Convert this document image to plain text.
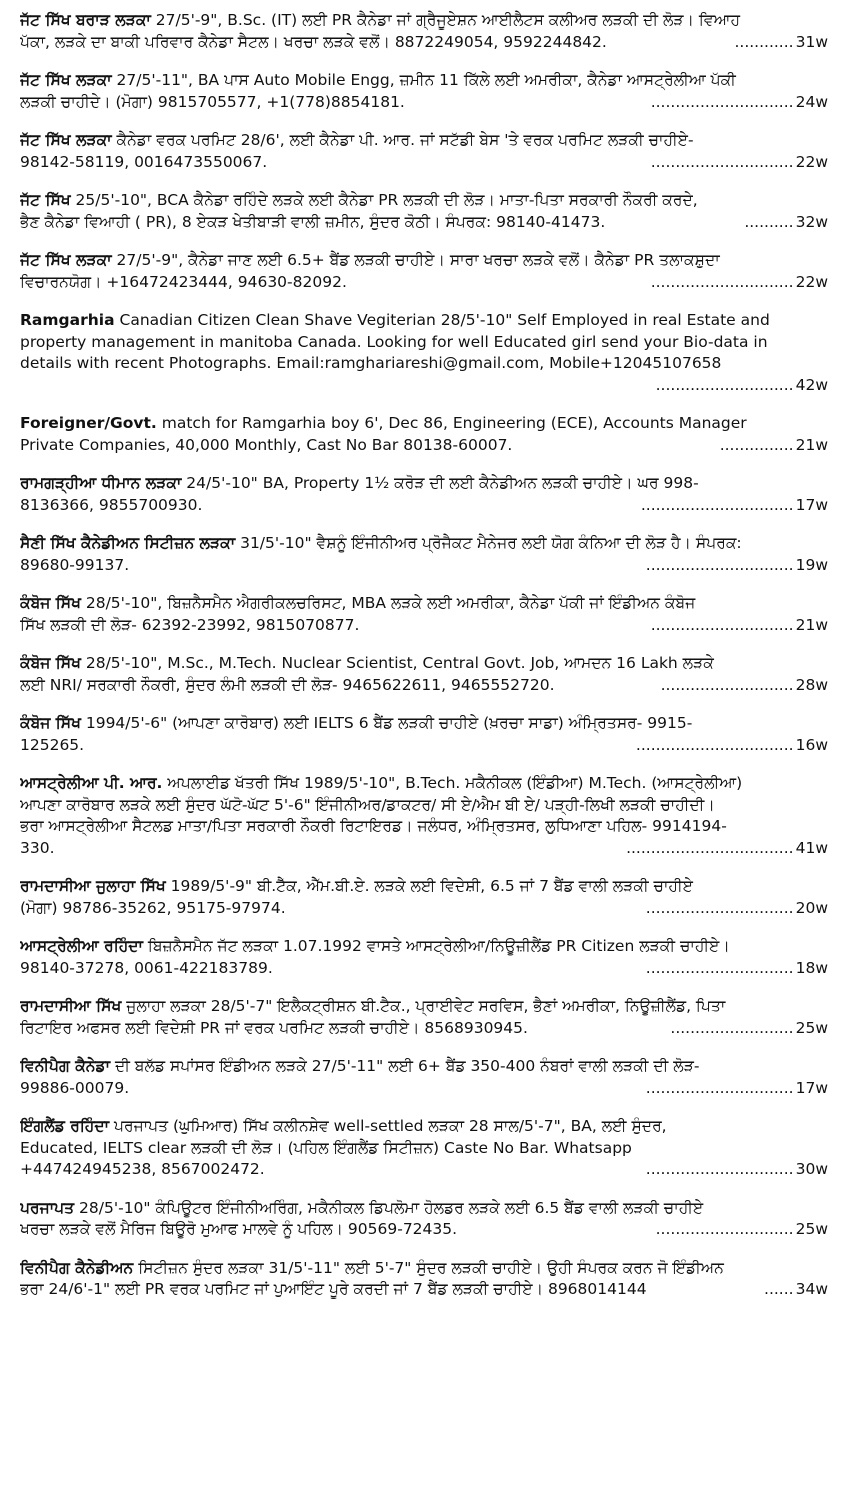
ਜੱਟ ਸਿੱਖ ਬਰਾੜ ਲੜਕਾ 27/5'-9", B.Sc. (IT) ਲਈ PR ਕੈਨੇਡਾ ਜਾਂ ਗ੍ਰੈਜੂਏਸ਼ਨ ਆਈਲੈਟਸ ਕਲੀਅਰ ਲੜਕੀ ਦੀ ਲੋੜ। ਵਿਆਹ
ਪੱਕਾ, ਲੜਕੇ ਦਾ ਬਾਕੀ ਪਰਿਵਾਰ ਕੈਨੇਡਾ ਸੈਟਲ। ਖਰਚਾ ਲੜਕੇ ਵਲੋਂ। 8872249054, 9592244842.	............ 31w
ਜੱਟ ਸਿੱਖ ਲੜਕਾ 27/5'-11", BA ਪਾਸ Auto Mobile Engg, ਜ਼ਮੀਨ 11 ਕਿੱਲੇ ਲਈ ਅਮਰੀਕਾ, ਕੈਨੇਡਾ ਆਸਟ੍ਰੇਲੀਆ ਪੱਕੀ
ਲੜਕੀ ਚਾਹੀਦੇ। (ਮੋਗਾ) 9815705577, +1(778)8854181.	............................. 24w
ਜੱਟ ਸਿੱਖ ਲੜਕਾ ਕੈਨੇਡਾ ਵਰਕ ਪਰਮਿਟ 28/6', ਲਈ ਕੈਨੇਡਾ ਪੀ. ਆਰ. ਜਾਂ ਸਟੱਡੀ ਬੇਸ 'ਤੇ ਵਰਕ ਪਰਮਿਟ ਲੜਕੀ ਚਾਹੀਏ-
98142-58119, 0016473550067.	............................. 22w
ਜੱਟ ਸਿੱਖ 25/5'-10", BCA ਕੈਨੇਡਾ ਰਹਿੰਦੇ ਲੜਕੇ ਲਈ ਕੈਨੇਡਾ PR ਲੜਕੀ ਦੀ ਲੋੜ। ਮਾਤਾ-ਪਿਤਾ ਸਰਕਾਰੀ ਨੌਕਰੀ ਕਰਦੇ,
ਭੈਣ ਕੈਨੇਡਾ ਵਿਆਹੀ ( PR), 8 ਏਕੜ ਖੇਤੀਬਾੜੀ ਵਾਲੀ ਜ਼ਮੀਨ, ਸੁੰਦਰ ਕੋਠੀ। ਸੰਪਰਕ: 98140-41473.	.......... 32w
ਜੱਟ ਸਿੱਖ ਲੜਕਾ 27/5'-9", ਕੈਨੇਡਾ ਜਾਣ ਲਈ 6.5+ ਬੈਂਡ ਲੜਕੀ ਚਾਹੀਏ। ਸਾਰਾ ਖਰਚਾ ਲੜਕੇ ਵਲੋਂ। ਕੈਨੇਡਾ PR ਤਲਾਕਸ਼ੁਦਾ
ਵਿਚਾਰਨਯੋਗ। +16472423444, 94630-82092.	............................. 22w
Ramgarhia Canadian Citizen Clean Shave Vegiterian 28/5'-10" Self Employed in real Estate and
property management in manitoba Canada. Looking for well Educated girl send your Bio-data in
details with recent Photographs. Email:ramghariareshi@gmail.com, Mobile+12045107658
............................ 42w
Foreigner/Govt. match for Ramgarhia boy 6', Dec 86, Engineering (ECE), Accounts Manager
Private Companies, 40,000 Monthly, Cast No Bar 80138-60007.	............... 21w
ਰਾਮਗੜ੍ਹੀਆ ਧੀਮਾਨ ਲੜਕਾ 24/5'-10" BA, Property 1½ ਕਰੋੜ ਦੀ ਲਈ ਕੈਨੇਡੀਅਨ ਲੜਕੀ ਚਾਹੀਏ। ਘਰ 998-
8136366, 9855700930.	............................... 17w
ਸੈਣੀ ਸਿੱਖ ਕੈਨੇਡੀਅਨ ਸਿਟੀਜ਼ਨ ਲੜਕਾ 31/5'-10" ਵੈਸ਼ਨੂੰ ਇੰਜੀਨੀਅਰ ਪ੍ਰੋਜੈਕਟ ਮੈਨੇਜਰ ਲਈ ਯੋਗ ਕੰਨਿਆ ਦੀ ਲੋੜ ਹੈ। ਸੰਪਰਕ:
89680-99137.	.............................. 19w
ਕੰਬੋਜ ਸਿੱਖ 28/5'-10", ਬਿਜ਼ਨੈਸਮੈਨ ਐਗਰੀਕਲਚਰਿਸਟ, MBA ਲੜਕੇ ਲਈ ਅਮਰੀਕਾ, ਕੈਨੇਡਾ ਪੱਕੀ ਜਾਂ ਇੰਡੀਅਨ ਕੰਬੋਜ
ਸਿੱਖ ਲੜਕੀ ਦੀ ਲੋੜ- 62392-23992, 9815070877.	............................. 21w
ਕੰਬੋਜ ਸਿੱਖ 28/5'-10", M.Sc., M.Tech. Nuclear Scientist, Central Govt. Job, ਆਮਦਨ 16 Lakh ਲੜਕੇ
ਲਈ NRI/ ਸਰਕਾਰੀ ਨੌਕਰੀ, ਸੁੰਦਰ ਲੰਮੀ ਲੜਕੀ ਦੀ ਲੋੜ- 9465622611, 9465552720.	........................... 28w
ਕੰਬੋਜ ਸਿੱਖ 1994/5'-6" (ਆਪਣਾ ਕਾਰੋਬਾਰ) ਲਈ IELTS 6 ਬੈਂਡ ਲੜਕੀ ਚਾਹੀਏ (ਖ਼ਰਚਾ ਸਾਡਾ) ਅੰਮ੍ਰਿਤਸਰ- 9915-
125265.	................................ 16w
ਆਸਟ੍ਰੇਲੀਆ ਪੀ. ਆਰ. ਅਪਲਾਈਡ ਖੱਤਰੀ ਸਿੱਖ 1989/5'-10", B.Tech. ਮਕੈਨੀਕਲ (ਇੰਡੀਆ) M.Tech. (ਆਸਟ੍ਰੇਲੀਆ)
ਆਪਣਾ ਕਾਰੋਬਾਰ ਲੜਕੇ ਲਈ ਸੁੰਦਰ ਘੱਟੋ-ਘੱਟ 5'-6" ਇੰਜੀਨੀਅਰ/ਡਾਕਟਰ/ ਸੀ ਏ/ਐਮ ਬੀ ਏ/ ਪੜ੍ਹੀ-ਲਿਖੀ ਲੜਕੀ ਚਾਹੀਦੀ।
ਭਰਾ ਆਸਟ੍ਰੇਲੀਆ ਸੈਟਲਡ ਮਾਤਾ/ਪਿਤਾ ਸਰਕਾਰੀ ਨੌਕਰੀ ਰਿਟਾਇਰਡ। ਜਲੰਧਰ, ਅੰਮ੍ਰਿਤਸਰ, ਲੁਧਿਆਣਾ ਪਹਿਲ- 9914194-
330.	.................................. 41w
ਰਾਮਦਾਸੀਆ ਜੁਲਾਹਾ ਸਿੱਖ 1989/5'-9" ਬੀ.ਟੈੱਕ, ਐੱਮ.ਬੀ.ਏ. ਲੜਕੇ ਲਈ ਵਿਦੇਸ਼ੀ, 6.5 ਜਾਂ 7 ਬੈਂਡ ਵਾਲੀ ਲੜਕੀ ਚਾਹੀਏ
(ਮੋਗਾ) 98786-35262, 95175-97974.	.............................. 20w
ਆਸਟ੍ਰੇਲੀਆ ਰਹਿੰਦਾ ਬਿਜ਼ਨੈਸਮੈਨ ਜੱਟ ਲੜਕਾ 1.07.1992 ਵਾਸਤੇ ਆਸਟ੍ਰੇਲੀਆ/ਨਿਊਜ਼ੀਲੈਂਡ PR Citizen ਲੜਕੀ ਚਾਹੀਏ।
98140-37278, 0061-422183789.	.............................. 18w
ਰਾਮਦਾਸੀਆ ਸਿੱਖ ਜੁਲਾਹਾ ਲੜਕਾ 28/5'-7" ਇਲੈਕਟ੍ਰੀਸ਼ਨ ਬੀ.ਟੈਕ., ਪ੍ਰਾਈਵੇਟ ਸਰਵਿਸ, ਭੈਣਾਂ ਅਮਰੀਕਾ, ਨਿਊਜ਼ੀਲੈਂਡ, ਪਿਤਾ
ਰਿਟਾਇਰ ਅਫਸਰ ਲਈ ਵਿਦੇਸ਼ੀ PR ਜਾਂ ਵਰਕ ਪਰਮਿਟ ਲੜਕੀ ਚਾਹੀਏ। 8568930945.	......................... 25w
ਵਿਨੀਪੈਗ ਕੈਨੇਡਾ ਦੀ ਬਲੱਡ ਸਪਾਂਸਰ ਇੰਡੀਅਨ ਲੜਕੇ 27/5'-11" ਲਈ 6+ ਬੈਂਡ 350-400 ਨੰਬਰਾਂ ਵਾਲੀ ਲੜਕੀ ਦੀ ਲੋੜ-
99886-00079.	.............................. 17w
ਇੰਗਲੈਂਡ ਰਹਿੰਦਾ ਪਰਜਾਪਤ (ਘੁਮਿਆਰ) ਸਿੱਖ ਕਲੀਨਸ਼ੇਵ well-settled ਲੜਕਾ 28 ਸਾਲ/5'-7", BA, ਲਈ ਸੁੰਦਰ,
Educated, IELTS clear ਲੜਕੀ ਦੀ ਲੋੜ। (ਪਹਿਲ ਇੰਗਲੈਂਡ ਸਿਟੀਜ਼ਨ) Caste No Bar. Whatsapp
+447424945238, 8567002472.	.............................. 30w
ਪਰਜਾਪਤ 28/5'-10" ਕੰਪਿਊਟਰ ਇੰਜੀਨੀਅਰਿੰਗ, ਮਕੈਨੀਕਲ ਡਿਪਲੋਮਾ ਹੋਲਡਰ ਲੜਕੇ ਲਈ 6.5 ਬੈਂਡ ਵਾਲੀ ਲੜਕੀ ਚਾਹੀਏ
ਖਰਚਾ ਲੜਕੇ ਵਲੋਂ ਮੈਰਿਜ ਬਿਊਰੋ ਮੁਆਫ ਮਾਲਵੇ ਨੂੰ ਪਹਿਲ। 90569-72435.	............................ 25w
ਵਿਨੀਪੈਗ ਕੈਨੇਡੀਅਨ ਸਿਟੀਜ਼ਨ ਸੁੰਦਰ ਲੜਕਾ 31/5'-11" ਲਈ 5'-7" ਸੁੰਦਰ ਲੜਕੀ ਚਾਹੀਏ। ਉਹੀ ਸੰਪਰਕ ਕਰਨ ਜੋ ਇੰਡੀਅਨ
ਭਰਾ 24/6'-1" ਲਈ PR ਵਰਕ ਪਰਮਿਟ ਜਾਂ ਪੁਆਇੰਟ ਪੂਰੇ ਕਰਦੀ ਜਾਂ 7 ਬੈਂਡ ਲੜਕੀ ਚਾਹੀਏ। 8968014144	...... 34w
